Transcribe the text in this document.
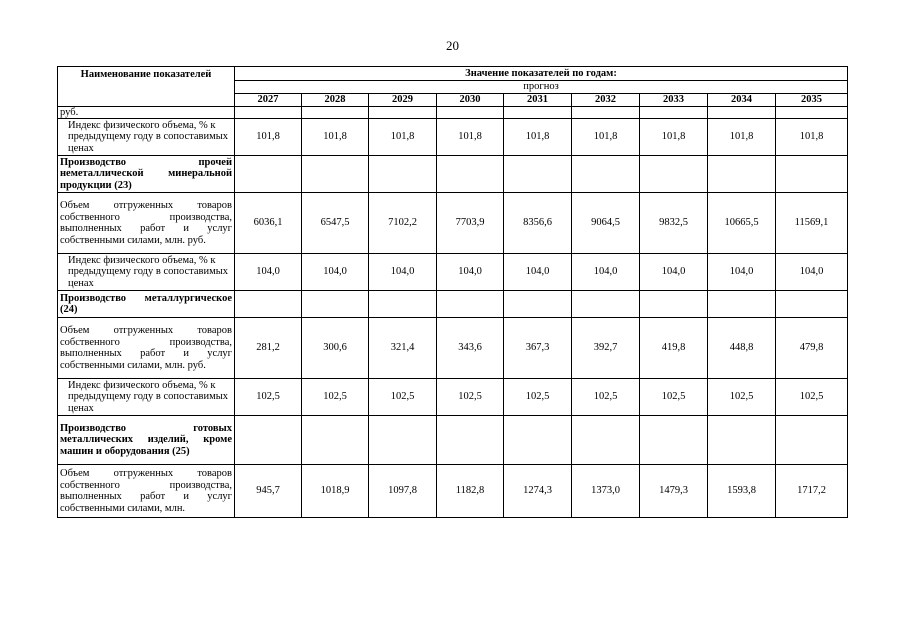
20
Наименование показателей	Значение показателей по годам:								
	прогноз								
	2027	2028	2029	2030	2031	2032	2033	2034	2035
руб.									
Индекс физического объема, % к предыдущему году в сопоставимых ценах	101,8	101,8	101,8	101,8	101,8	101,8	101,8	101,8	101,8
Производство прочей неметаллической минеральной продукции (23)									
Объем отгруженных товаров собственного производства, выполненных работ и услуг собственными силами, млн. руб.	6036,1	6547,5	7102,2	7703,9	8356,6	9064,5	9832,5	10665,5	11569,1
Индекс физического объема, % к предыдущему году в сопоставимых ценах	104,0	104,0	104,0	104,0	104,0	104,0	104,0	104,0	104,0
Производство металлургическое (24)									
Объем отгруженных товаров собственного производства, выполненных работ и услуг собственными силами, млн. руб.	281,2	300,6	321,4	343,6	367,3	392,7	419,8	448,8	479,8
Индекс физического объема, % к предыдущему году в сопоставимых ценах	102,5	102,5	102,5	102,5	102,5	102,5	102,5	102,5	102,5
Производство готовых металлических изделий, кроме машин и оборудования (25)									

Объем отгруженных товаров собственного производства, выполненных работ и услуг собственными силами, млн.	945,7	1018,9	1097,8	1182,8	1274,3	1373,0	1479,3	1593,8	1717,2
